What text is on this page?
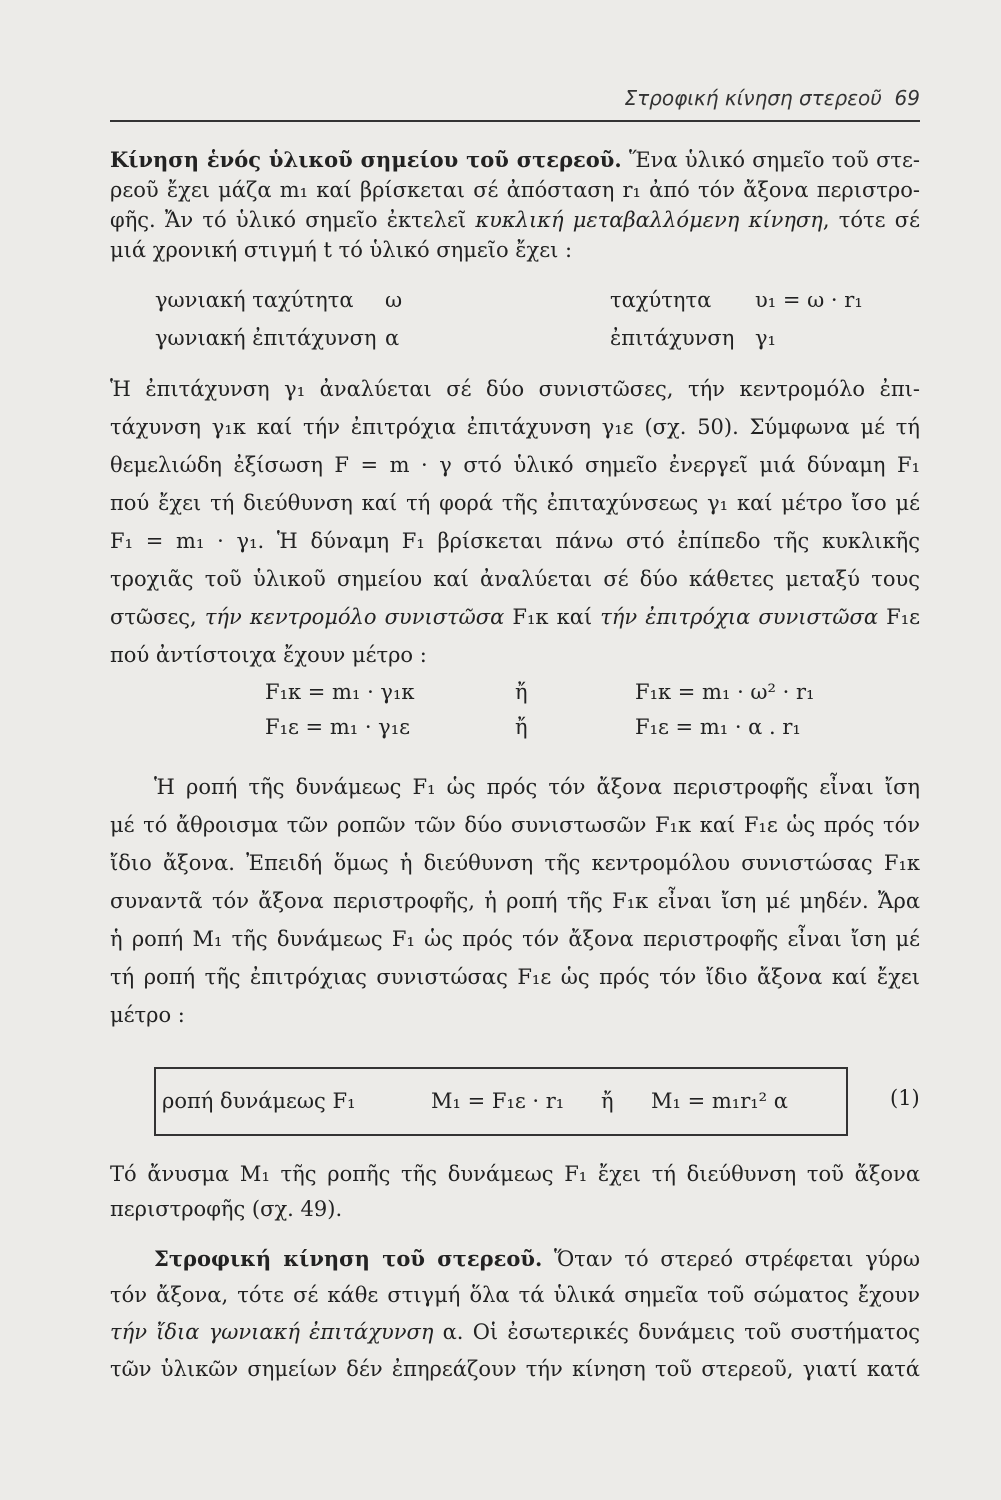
Στροφική κίνηση στερεοῦ 69
Κίνηση ἑνός ὑλικοῦ σημείου τοῦ στερεοῦ. Ἕνα ὑλικό σημεῖο τοῦ στε-
ρεοῦ ἔχει μάζα m₁ καί βρίσκεται σέ ἀπόσταση r₁ ἀπό τόν ἄξονα περιστρο-
φῆς. Ἄν τό ὑλικό σημεῖο ἐκτελεῖ κυκλική μεταβαλλόμενη κίνηση, τότε σέ
μιά χρονική στιγμή t τό ὑλικό σημεῖο ἔχει :
γωνιακή ταχύτητα ω	ταχύτητα υ₁ = ω · r₁
γωνιακή ἐπιτάχυνση α	ἐπιτάχυνση γ₁
Ἡ ἐπιτάχυνση γ₁ ἀναλύεται σέ δύο συνιστῶσες, τήν κεντρομόλο ἐπι-
τάχυνση γ₁κ καί τήν ἐπιτρόχια ἐπιτάχυνση γ₁ε (σχ. 50). Σύμφωνα μέ τή
θεμελιώδη ἐξίσωση F = m · γ στό ὑλικό σημεῖο ἐνεργεῖ μιά δύναμη F₁
πού ἔχει τή διεύθυνση καί τή φορά τῆς ἐπιταχύνσεως γ₁ καί μέτρο ἴσο μέ
F₁ = m₁ · γ₁. Ἡ δύναμη F₁ βρίσκεται πάνω στό ἐπίπεδο τῆς κυκλικῆς
τροχιᾶς τοῦ ὑλικοῦ σημείου καί ἀναλύεται σέ δύο κάθετες μεταξύ τους
στῶσες, τήν κεντρομόλο συνιστῶσα F₁κ καί τήν ἐπιτρόχια συνιστῶσα F₁ε
πού ἀντίστοιχα ἔχουν μέτρο :
F₁κ = m₁ · γ₁κ	ἤ	F₁κ = m₁ · ω² · r₁
F₁ε = m₁ · γ₁ε	ἤ	F₁ε = m₁ · α . r₁
Ἡ ροπή τῆς δυνάμεως F₁ ὡς πρός τόν ἄξονα περιστροφῆς εἶναι ἴση
μέ τό ἄθροισμα τῶν ροπῶν τῶν δύο συνιστωσῶν F₁κ καί F₁ε ὡς πρός τόν
ἴδιο ἄξονα. Ἐπειδή ὅμως ἡ διεύθυνση τῆς κεντρομόλου συνιστώσας F₁κ
συναντᾶ τόν ἄξονα περιστροφῆς, ἡ ροπή τῆς F₁κ εἶναι ἴση μέ μηδέν. Ἄρα
ἡ ροπή M₁ τῆς δυνάμεως F₁ ὡς πρός τόν ἄξονα περιστροφῆς εἶναι ἴση μέ
τή ροπή τῆς ἐπιτρόχιας συνιστώσας F₁ε ὡς πρός τόν ἴδιο ἄξονα καί ἔχει
μέτρο :
ροπή δυνάμεως F₁	M₁ = F₁ε · r₁ ἤ M₁ = m₁r₁² α	(1)
Τό ἄνυσμα M₁ τῆς ροπῆς τῆς δυνάμεως F₁ ἔχει τή διεύθυνση τοῦ ἄξονα
περιστροφῆς (σχ. 49).
Στροφική κίνηση τοῦ στερεοῦ. Ὅταν τό στερεό στρέφεται γύρω
τόν ἄξονα, τότε σέ κάθε στιγμή ὅλα τά ὑλικά σημεῖα τοῦ σώματος ἔχουν
τήν ἴδια γωνιακή ἐπιτάχυνση α. Οἱ ἐσωτερικές δυνάμεις τοῦ συστήματος
τῶν ὑλικῶν σημείων δέν ἐπηρεάζουν τήν κίνηση τοῦ στερεοῦ, γιατί κατά
